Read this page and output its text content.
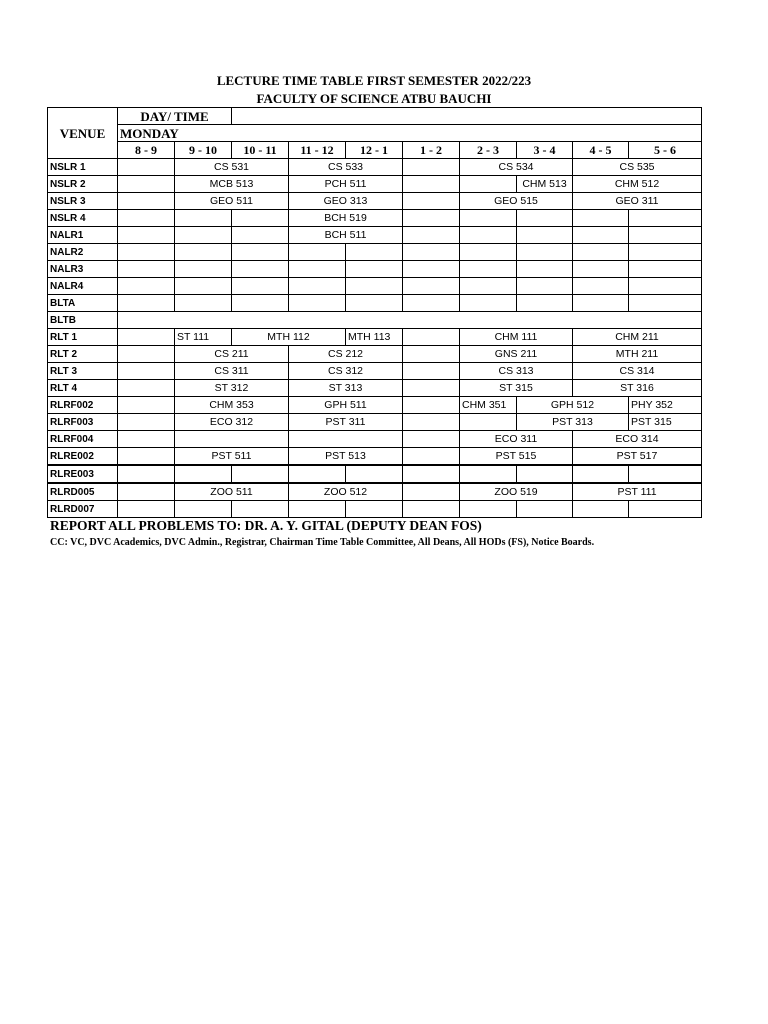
LECTURE TIME TABLE FIRST SEMESTER 2022/223
FACULTY OF SCIENCE ATBU BAUCHI
VENUE	DAY/ TIME									
	MONDAY									
	8 - 9	9 - 10	10 - 11	11 - 12	12 - 1	1 - 2	2 - 3	3 - 4	4 - 5	5 - 6
NSLR 1		CS 531		CS 533			CS 534		CS 535	
NSLR 2		MCB 513		PCH 511				CHM 513	CHM 512	
NSLR 3		GEO 511		GEO 313			GEO 515		GEO 311	
NSLR 4				BCH 519						
NALR1				BCH 511						
NALR2										
NALR3										
NALR4										
BLTA										
BLTB										
RLT 1		ST 111	MTH 112		MTH 113		CHM 111		CHM 211	
RLT 2		CS 211		CS 212			GNS 211		MTH 211	
RLT 3		CS 311		CS 312			CS 313		CS 314	
RLT 4		ST 312		ST 313			ST 315		ST 316	
RLRF002		CHM 353		GPH 511			CHM 351	GPH 512		PHY 352
RLRF003		ECO 312		PST 311				PST 313		PST 315
RLRF004							ECO 311		ECO 314	
RLRE002		PST 511		PST 513			PST 515		PST 517	
RLRE003										
RLRD005		ZOO 511		ZOO 512			ZOO 519		PST 111	
RLRD007										
REPORT ALL PROBLEMS TO: DR. A. Y. GITAL (DEPUTY DEAN FOS)
CC: VC, DVC Academics, DVC Admin., Registrar, Chairman Time Table Committee, All Deans, All HODs (FS), Notice Boards.
